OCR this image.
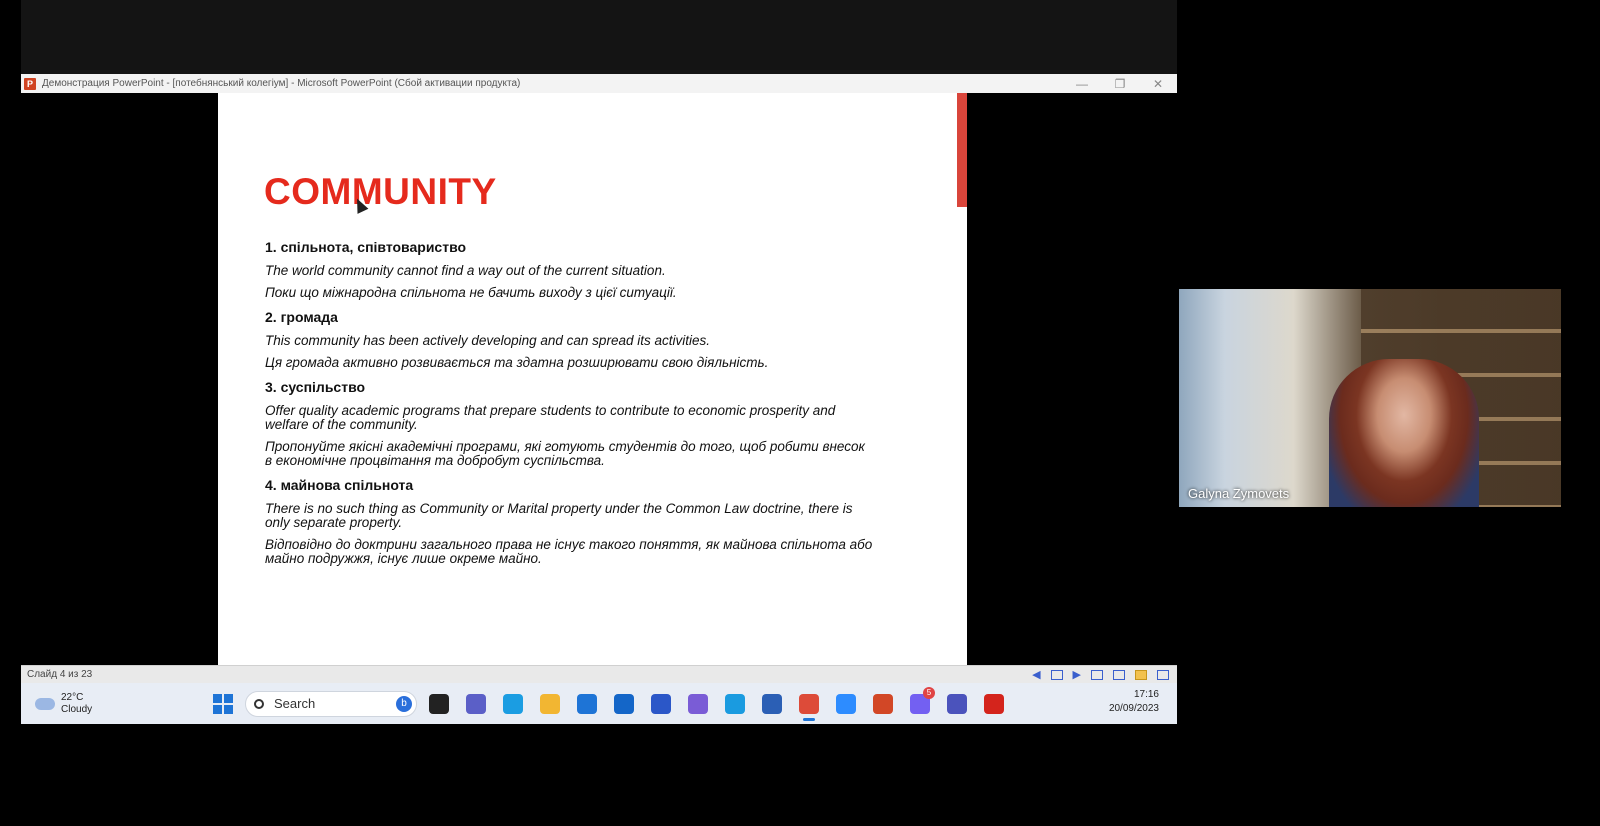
P Демонстрация PowerPoint - [потебнянський колегіум] - Microsoft PowerPoint (Сбой активации продукта)	—	❐	✕
COMMUNITY

1. спільнота, співтовариство

The world community cannot find a way out of the current situation.

Поки що міжнародна спільнота не бачить виходу з цієї ситуації.

2. громада

This community has been actively developing and can spread its activities.

Ця громада активно розвивається та здатна розширювати свою діяльність.

3. суспільство

Offer quality academic programs that prepare students to contribute to economic prosperity and welfare of the community.

Пропонуйте якісні академічні програми, які готують студентів до того, щоб робити внесок в економічне процвітання та добробут суспільства.

4. майнова спільнота

There is no such thing as Community or Marital property under the Common Law doctrine, there is only separate property.

Відповідно до доктрини загального права не існує такого поняття, як майнова спільнота або майно подружжя, існує лише окреме майно.

Слайд 4 из 23	◀	▶
22°C
Cloudy	Search	b
5	17:16
20/09/2023
Galyna Zymovets
